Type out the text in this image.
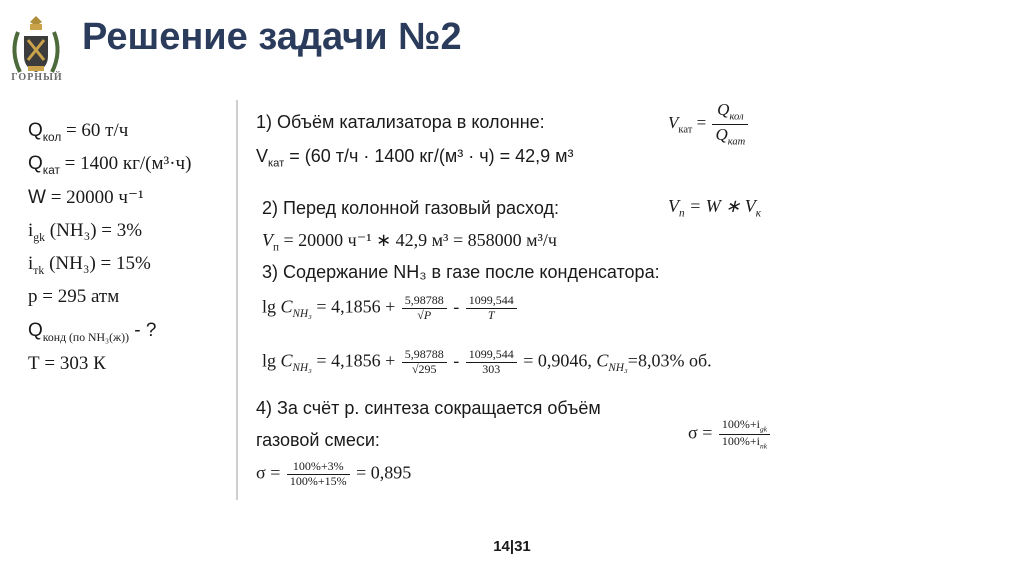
ГОРНЫЙ
Решение задачи №2
$Q_{кол} = 60$ т/ч
$Q_{кат} = 1400$ кг/(м³·ч)
W = 20000 ч⁻¹
$i_{gk}$ (NH₃) = 3%
$i_{тk}$ (NH₃) = 15%
p = 295 атм
$Q_{конд (по NH_3(ж))}$ - ?
T = 303 К
1) Объём катализатора в колонне:
$V_{кат} = (60$ т/ч · 1400 кг/(м³ · ч) = 42,9 м³
$V_{кат} = \frac{Q_{кол}}{Q_{кат}}$
2) Перед колонной газовый расход:
$V_п = 20000$ ч⁻¹ ∗ 42,9 м³ = 858000 м³/ч
$V_п = W$ ∗ $V_к$
3) Содержание NH₃ в газе после конденсатора:
$\lg C_{NH_3} = 4,1856 + \frac{5,98788}{√P} - \frac{1099,544}{T}$
$\lg C_{NH_3} = 4,1856 + \frac{5,98788}{√295} - \frac{1099,544}{303} = 0,9046$, $C_{NH_3}=8,03\%$ об.
4) За счёт р. синтеза сокращается объём
газовой смеси:
$\sigma = \frac{100\%+3\%}{100\%+15\%} = 0,895$
$\sigma = \frac{100\%+i_{gk}}{100\%+i_{nk}}$
14|31
